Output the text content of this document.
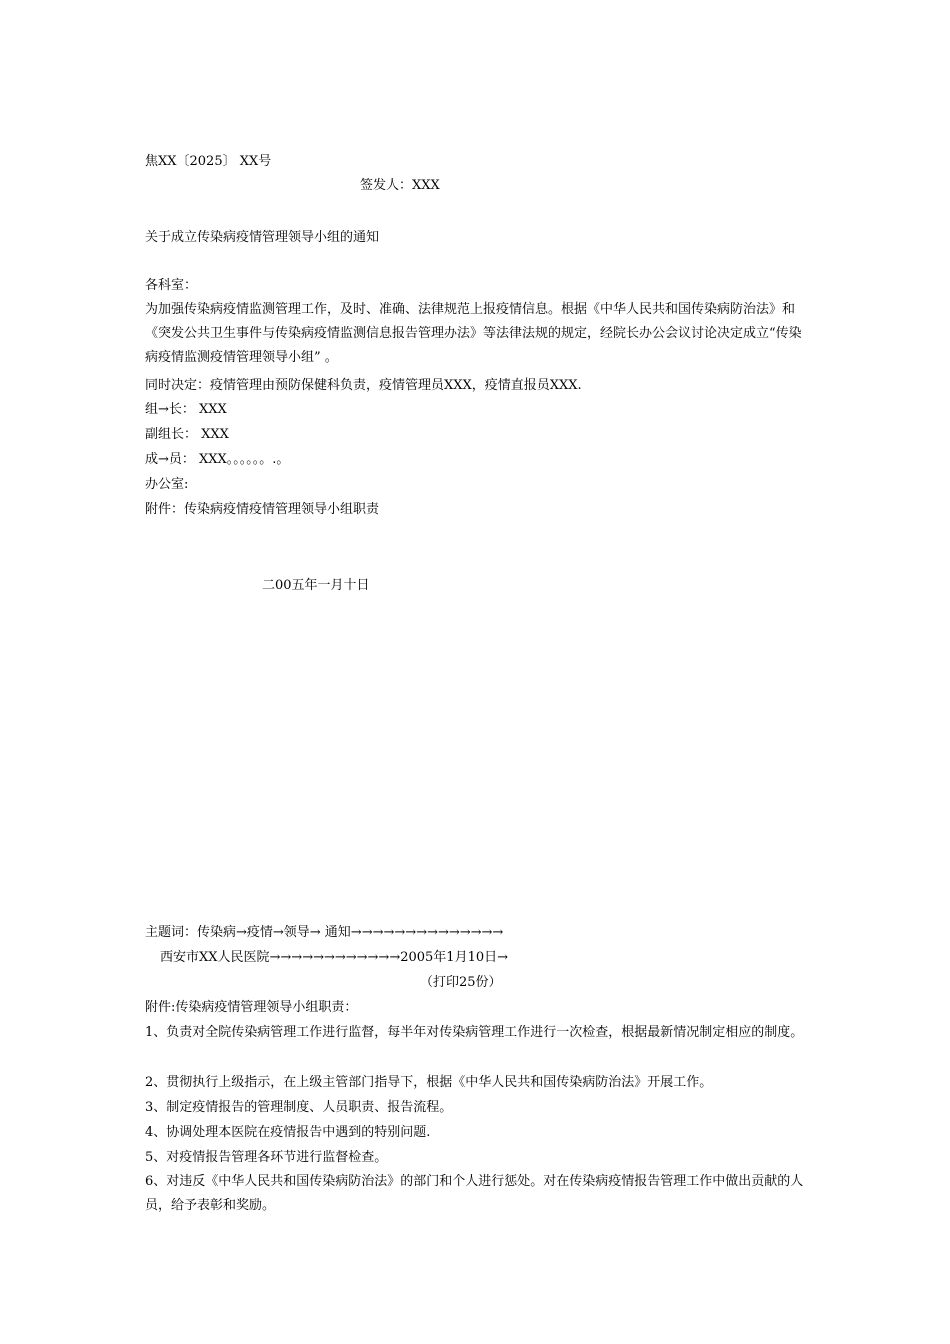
焦XX〔2025〕 XX号
签发人：XXX
关于成立传染病疫情管理领导小组的通知
各科室：
为加强传染病疫情监测管理工作，及时、准确、法律规范上报疫情信息。根据《中华人民共和国传染病防治法》和《突发公共卫生事件与传染病疫情监测信息报告管理办法》等法律法规的规定，经院长办公会议讨论决定成立“传染病疫情监测疫情管理领导小组” 。
同时决定：疫情管理由预防保健科负责，疫情管理员XXX，疫情直报员XXX.
组→长： XXX
副组长： XXX
成→员： XXX。。。。。。.。
办公室:
附件：传染病疫情疫情管理领导小组职责
二00五年一月十日
主题词：传染病→疫情→领导→ 通知→→→→→→→→→→→→→→
西安市XX人民医院→→→→→→→→→→→→2005年1月10日→
（打印25份）
附件:传染病疫情管理领导小组职责：
1、负责对全院传染病管理工作进行监督，每半年对传染病管理工作进行一次检查，根据最新情况制定相应的制度。
2、贯彻执行上级指示，在上级主管部门指导下，根据《中华人民共和国传染病防治法》开展工作。
3、制定疫情报告的管理制度、人员职责、报告流程。
4、协调处理本医院在疫情报告中遇到的特别问题.
5、对疫情报告管理各环节进行监督检查。
6、对违反《中华人民共和国传染病防治法》的部门和个人进行惩处。对在传染病疫情报告管理工作中做出贡献的人员，给予表彰和奖励。
